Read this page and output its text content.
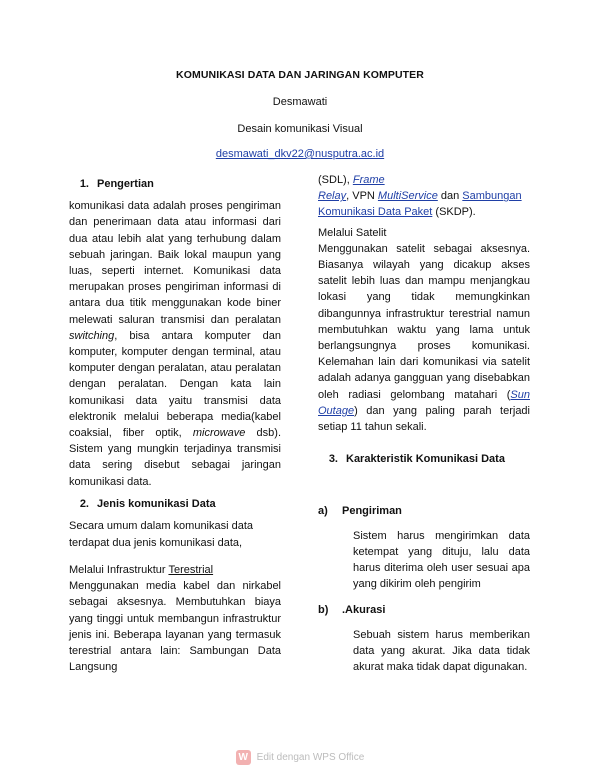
KOMUNIKASI DATA DAN JARINGAN KOMPUTER
Desmawati
Desain komunikasi Visual
desmawati_dkv22@nusputra.ac.id
1. Pengertian

komunikasi data adalah proses pengiriman dan penerimaan data atau informasi dari dua atau lebih alat yang terhubung dalam sebuah jaringan. Baik lokal maupun yang luas, seperti internet. Komunikasi data merupakan proses pengiriman informasi di antara dua titik menggunakan kode biner melewati saluran transmisi dan peralatan switching, bisa antara komputer dan komputer, komputer dengan terminal, atau komputer dengan peralatan, atau peralatan dengan peralatan. Dengan kata lain komunikasi data yaitu transmisi data elektronik melalui beberapa media(kabel coaksial, fiber optik, microwave dsb). Sistem yang mungkin terjadinya transmisi data sering disebut sebagai jaringan komunikasi data.

2. Jenis komunikasi Data

Secara umum dalam komunikasi data terdapat dua jenis komunikasi data,

Melalui Infrastruktur Terestrial

Menggunakan media kabel dan nirkabel sebagai aksesnya. Membutuhkan biaya yang tinggi untuk membangun infrastruktur jenis ini. Beberapa layanan yang termasuk terestrial antara lain: Sambungan Data Langsung

(SDL), Frame
Relay, VPN MultiService dan Sambungan Komunikasi Data Paket (SKDP).

Melalui Satelit

Menggunakan satelit sebagai aksesnya. Biasanya wilayah yang dicakup akses satelit lebih luas dan mampu menjangkau lokasi yang tidak memungkinkan dibangunnya infrastruktur terestrial namun membutuhkan waktu yang lama untuk berlangsungnya proses komunikasi. Kelemahan lain dari komunikasi via satelit adalah adanya gangguan yang disebabkan oleh radiasi gelombang matahari (Sun Outage) dan yang paling parah terjadi setiap 11 tahun sekali.

3. Karakteristik Komunikasi Data
a) Pengiriman

Sistem harus mengirimkan data ketempat yang dituju, lalu data harus diterima oleh user sesuai apa yang dikirim oleh pengirim

b) .Akurasi

Sebuah sistem harus memberikan data yang akurat. Jika data tidak akurat maka tidak dapat digunakan.

W Edit dengan WPS Office
